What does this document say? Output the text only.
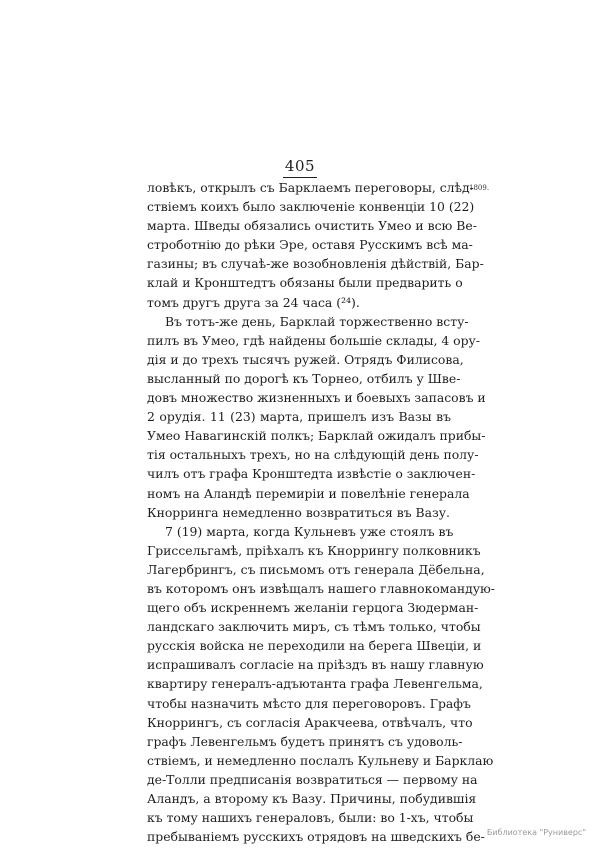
405
1809.
ловѣкъ, открылъ съ Барклаемъ переговоры, слѣд-
ствіемъ коихъ было заключеніе конвенціи 10 (22)
марта. Шведы обязались очистить Умео и всю Ве-
строботнію до рѣки Эре, оставя Русскимъ всѣ ма-
газины; въ случаѣ-же возобновленія дѣйствій, Бар-
клай и Кронштедтъ обязаны были предварить о
томъ другъ друга за 24 часа (²⁴).
Въ тотъ-же день, Барклай торжественно всту-
пилъ въ Умео, гдѣ найдены большіе склады, 4 ору-
дія и до трехъ тысячъ ружей. Отрядъ Филисова,
высланный по дорогѣ къ Торнео, отбилъ у Шве-
довъ множество жизненныхъ и боевыхъ запасовъ и
2 орудія. 11 (23) марта, пришелъ изъ Вазы въ
Умео Навагинскій полкъ; Барклай ожидалъ прибы-
тія остальныхъ трехъ, но на слѣдующій день полу-
чилъ отъ графа Кронштедта извѣстіе о заключен-
номъ на Аландѣ перемиріи и повелѣніе генерала
Кнорринга немедленно возвратиться въ Вазу.
7 (19) марта, когда Кульневъ уже стоялъ въ
Гриссельгамѣ, пріѣхалъ къ Кноррингу полковникъ
Лагербрингъ, съ письмомъ отъ генерала Дёбельна,
въ которомъ онъ извѣщалъ нашего главнокомандую-
щего объ искреннемъ желаніи герцога Зюдерман-
ландскаго заключить миръ, съ тѣмъ только, чтобы
русскія войска не переходили на берега Швеціи, и
испрашивалъ согласіе на пріѣздъ въ нашу главную
квартиру генералъ-адъютанта графа Левенгельма,
чтобы назначить мѣсто для переговоровъ. Графъ
Кноррингъ, съ согласія Аракчеева, отвѣчалъ, что
графъ Левенгельмъ будетъ принятъ съ удоволь-
ствіемъ, и немедленно послалъ Кульневу и Барклаю
де-Толли предписанія возвратиться — первому на
Аландъ, а второму къ Вазу. Причины, побудившія
къ тому нашихъ генераловъ, были: во 1-хъ, чтобы
пребываніемъ русскихъ отрядовъ на шведскихъ бе- Библиотека "Руниверс"
